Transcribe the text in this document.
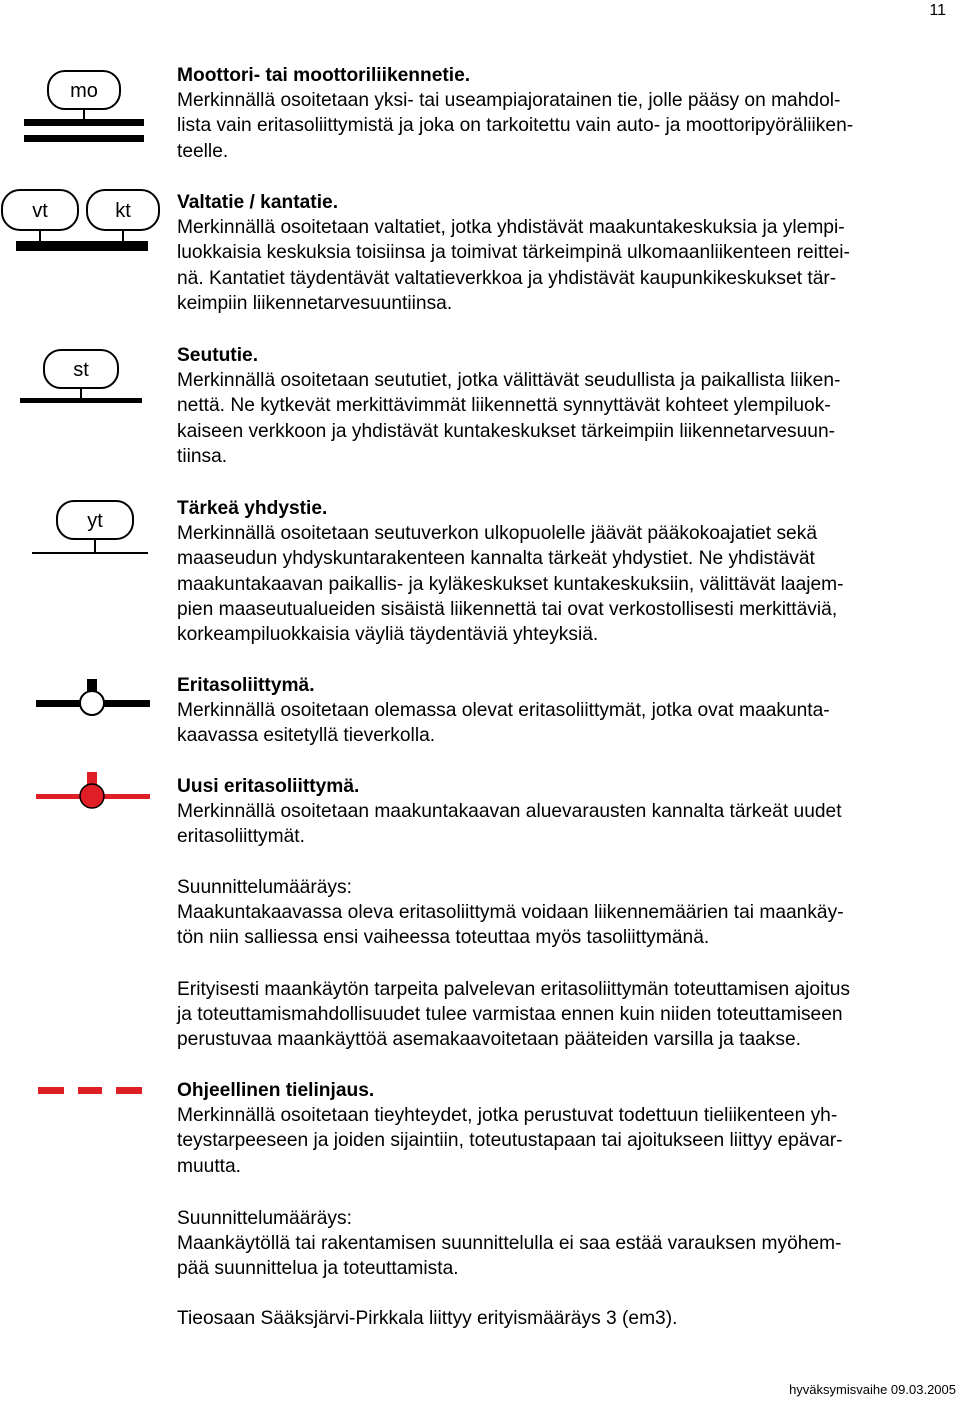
11
mo
vt	kt
st
yt

Moottori- tai moottoriliikennetie.

Merkinnällä osoitetaan yksi- tai useampiajoratainen tie, jolle pääsy on mahdol-

lista vain eritasoliittymistä ja joka on tarkoitettu vain auto- ja moottoripyöräliiken-

teelle.

Valtatie / kantatie.

Merkinnällä osoitetaan valtatiet, jotka yhdistävät maakuntakeskuksia ja ylempi-

luokkaisia keskuksia toisiinsa ja toimivat tärkeimpinä ulkomaanliikenteen reittei-

nä. Kantatiet täydentävät valtatieverkkoa ja yhdistävät kaupunkikeskukset tär-

keimpiin liikennetarvesuuntiinsa.

Seututie.

Merkinnällä osoitetaan seututiet, jotka välittävät seudullista ja paikallista liiken-

nettä. Ne kytkevät merkittävimmät liikennettä synnyttävät kohteet ylempiluok-

kaiseen verkkoon ja yhdistävät kuntakeskukset tärkeimpiin liikennetarvesuun-

tiinsa.

Tärkeä yhdystie.

Merkinnällä osoitetaan seutuverkon ulkopuolelle jäävät pääkokoajatiet sekä

maaseudun yhdyskuntarakenteen kannalta tärkeät yhdystiet. Ne yhdistävät

maakuntakaavan paikallis- ja kyläkeskukset kuntakeskuksiin, välittävät laajem-

pien maaseutualueiden sisäistä liikennettä tai ovat verkostollisesti merkittäviä,

korkeampiluokkaisia väyliä täydentäviä yhteyksiä.

Eritasoliittymä.

Merkinnällä osoitetaan olemassa olevat eritasoliittymät, jotka ovat maakunta-

kaavassa esitetyllä tieverkolla.

Uusi eritasoliittymä.

Merkinnällä osoitetaan maakuntakaavan aluevarausten kannalta tärkeät uudet

eritasoliittymät.

Suunnittelumääräys:

Maakuntakaavassa oleva eritasoliittymä voidaan liikennemäärien tai maankäy-

tön niin salliessa ensi vaiheessa toteuttaa myös tasoliittymänä.

Erityisesti maankäytön tarpeita palvelevan eritasoliittymän toteuttamisen ajoitus

ja toteuttamismahdollisuudet tulee varmistaa ennen kuin niiden toteuttamiseen

perustuvaa maankäyttöä asemakaavoitetaan pääteiden varsilla ja taakse.

Ohjeellinen tielinjaus.

Merkinnällä osoitetaan tieyhteydet, jotka perustuvat todettuun tieliikenteen yh-

teystarpeeseen ja joiden sijaintiin, toteutustapaan tai ajoitukseen liittyy epävar-

muutta.

Suunnittelumääräys:

Maankäytöllä tai rakentamisen suunnittelulla ei saa estää varauksen myöhem-

pää suunnittelua ja toteuttamista.

Tieosaan Sääksjärvi-Pirkkala liittyy erityismääräys 3 (em3).

hyväksymisvaihe 09.03.2005
